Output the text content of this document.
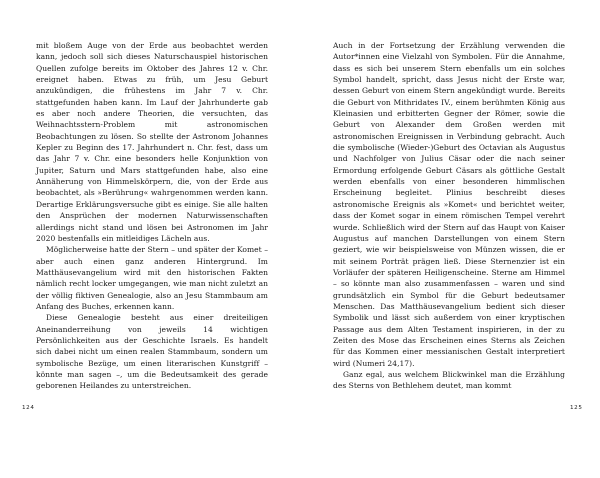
mit bloßem Auge von der Erde aus beobachtet werden kann, jedoch soll sich dieses Naturschauspiel historischen Quellen zufolge bereits im Oktober des Jahres 12 v. Chr. ereignet haben. Etwas zu früh, um Jesu Geburt anzukündigen, die frühestens im Jahr 7 v. Chr. stattgefunden haben kann. Im Lauf der Jahrhunderte gab es aber noch andere Theorien, die versuchten, das Weihnachtsstern-Problem mit astronomischen Beobachtungen zu lösen. So stellte der Astronom Johannes Kepler zu Beginn des 17. Jahrhundert n. Chr. fest, dass um das Jahr 7 v. Chr. eine besonders helle Konjunktion von Jupiter, Saturn und Mars stattgefunden habe, also eine Annäherung von Himmelskörpern, die, von der Erde aus beobachtet, als »Berührung« wahrgenommen werden kann. Derartige Erklärungsversuche gibt es einige. Sie alle halten den Ansprüchen der modernen Naturwissenschaften allerdings nicht stand und lösen bei Astronomen im Jahr 2020 bestenfalls ein mitleidiges Lächeln aus.

Möglicherweise hatte der Stern – und später der Komet – aber auch einen ganz anderen Hintergrund. Im Matthäusevangelium wird mit den historischen Fakten nämlich recht locker umgegangen, wie man nicht zuletzt an der völlig fiktiven Genealogie, also an Jesu Stammbaum am Anfang des Buches, erkennen kann.

Diese Genealogie besteht aus einer dreiteiligen Aneinanderreihung von jeweils 14 wichtigen Persönlichkeiten aus der Geschichte Israels. Es handelt sich dabei nicht um einen realen Stammbaum, sondern um symbolische Bezüge, um einen literarischen Kunstgriff – könnte man sagen –, um die Bedeutsamkeit des gerade geborenen Heilandes zu unterstreichen.

124

Auch in der Fortsetzung der Erzählung verwenden die Autor*innen eine Vielzahl von Symbolen. Für die Annahme, dass es sich bei unserem Stern ebenfalls um ein solches Symbol handelt, spricht, dass Jesus nicht der Erste war, dessen Geburt von einem Stern angekündigt wurde. Bereits die Geburt von Mithridates IV., einem berühmten König aus Kleinasien und erbitterten Gegner der Römer, sowie die Geburt von Alexander dem Großen werden mit astronomischen Ereignissen in Verbindung gebracht. Auch die symbolische (Wieder-)Geburt des Octavian als Augustus und Nachfolger von Julius Cäsar oder die nach seiner Ermordung erfolgende Geburt Cäsars als göttliche Gestalt werden ebenfalls von einer besonderen himmlischen Erscheinung begleitet. Plinius beschreibt dieses astronomische Ereignis als »Komet« und berichtet weiter, dass der Komet sogar in einem römischen Tempel verehrt wurde. Schließlich wird der Stern auf das Haupt von Kaiser Augustus auf manchen Darstellungen von einem Stern geziert, wie wir beispielsweise von Münzen wissen, die er mit seinem Porträt prägen ließ. Diese Sternenzier ist ein Vorläufer der späteren Heiligenscheine. Sterne am Himmel – so könnte man also zusammenfassen – waren und sind grundsätzlich ein Symbol für die Geburt bedeutsamer Menschen. Das Matthäusevangelium bedient sich dieser Symbolik und lässt sich außerdem von einer kryptischen Passage aus dem Alten Testament inspirieren, in der zu Zeiten des Mose das Erscheinen eines Sterns als Zeichen für das Kommen einer messianischen Gestalt interpretiert wird (Numeri 24,17).

Ganz egal, aus welchem Blickwinkel man die Erzählung des Sterns von Bethlehem deutet, man kommt

125
